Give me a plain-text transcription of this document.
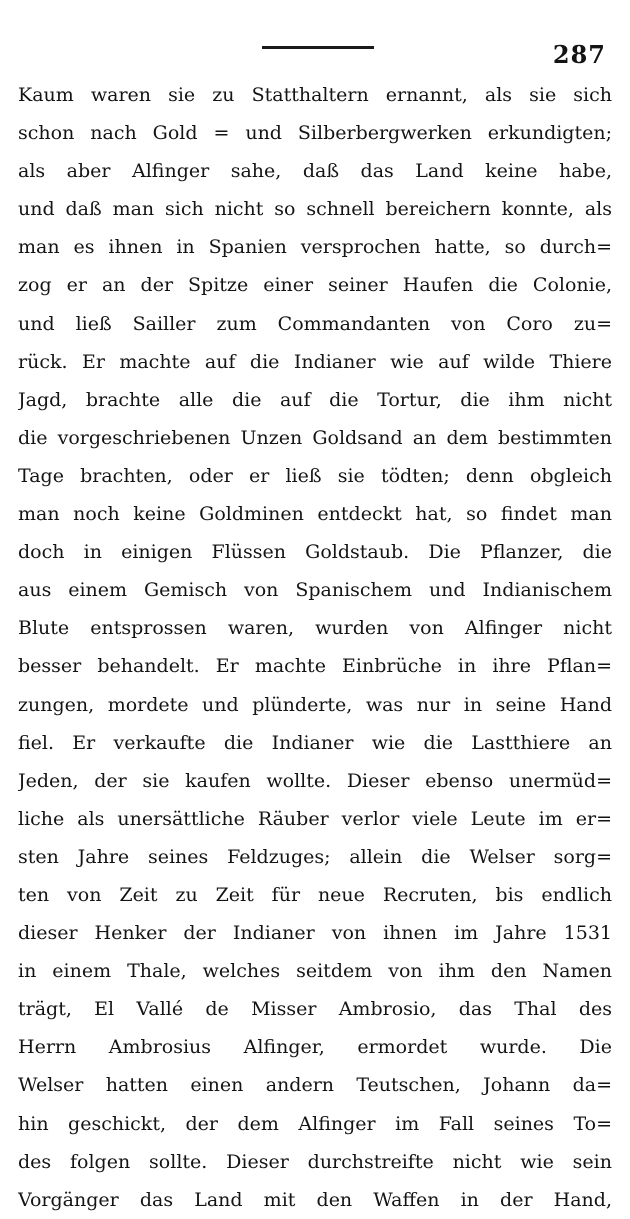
287
Kaum waren sie zu Statthaltern ernannt, als sie sich
schon nach Gold = und Silberbergwerken erkundigten;
als aber Alfinger sahe, daß das Land keine habe,
und daß man sich nicht so schnell bereichern konnte, als
man es ihnen in Spanien versprochen hatte, so durch=
zog er an der Spitze einer seiner Haufen die Colonie,
und ließ Sailler zum Commandanten von Coro zu=
rück. Er machte auf die Indianer wie auf wilde Thiere
Jagd, brachte alle die auf die Tortur, die ihm nicht
die vorgeschriebenen Unzen Goldsand an dem bestimmten
Tage brachten, oder er ließ sie tödten; denn obgleich
man noch keine Goldminen entdeckt hat, so findet man
doch in einigen Flüssen Goldstaub. Die Pflanzer, die
aus einem Gemisch von Spanischem und Indianischem
Blute entsprossen waren, wurden von Alfinger nicht
besser behandelt. Er machte Einbrüche in ihre Pflan=
zungen, mordete und plünderte, was nur in seine Hand
fiel. Er verkaufte die Indianer wie die Lastthiere an
Jeden, der sie kaufen wollte. Dieser ebenso unermüd=
liche als unersättliche Räuber verlor viele Leute im er=
sten Jahre seines Feldzuges; allein die Welser sorg=
ten von Zeit zu Zeit für neue Recruten, bis endlich
dieser Henker der Indianer von ihnen im Jahre 1531
in einem Thale, welches seitdem von ihm den Namen
trägt, El Vallé de Misser Ambrosio, das Thal des
Herrn Ambrosius Alfinger, ermordet wurde. Die
Welser hatten einen andern Teutschen, Johann da=
hin geschickt, der dem Alfinger im Fall seines To=
des folgen sollte. Dieser durchstreifte nicht wie sein
Vorgänger das Land mit den Waffen in der Hand,
